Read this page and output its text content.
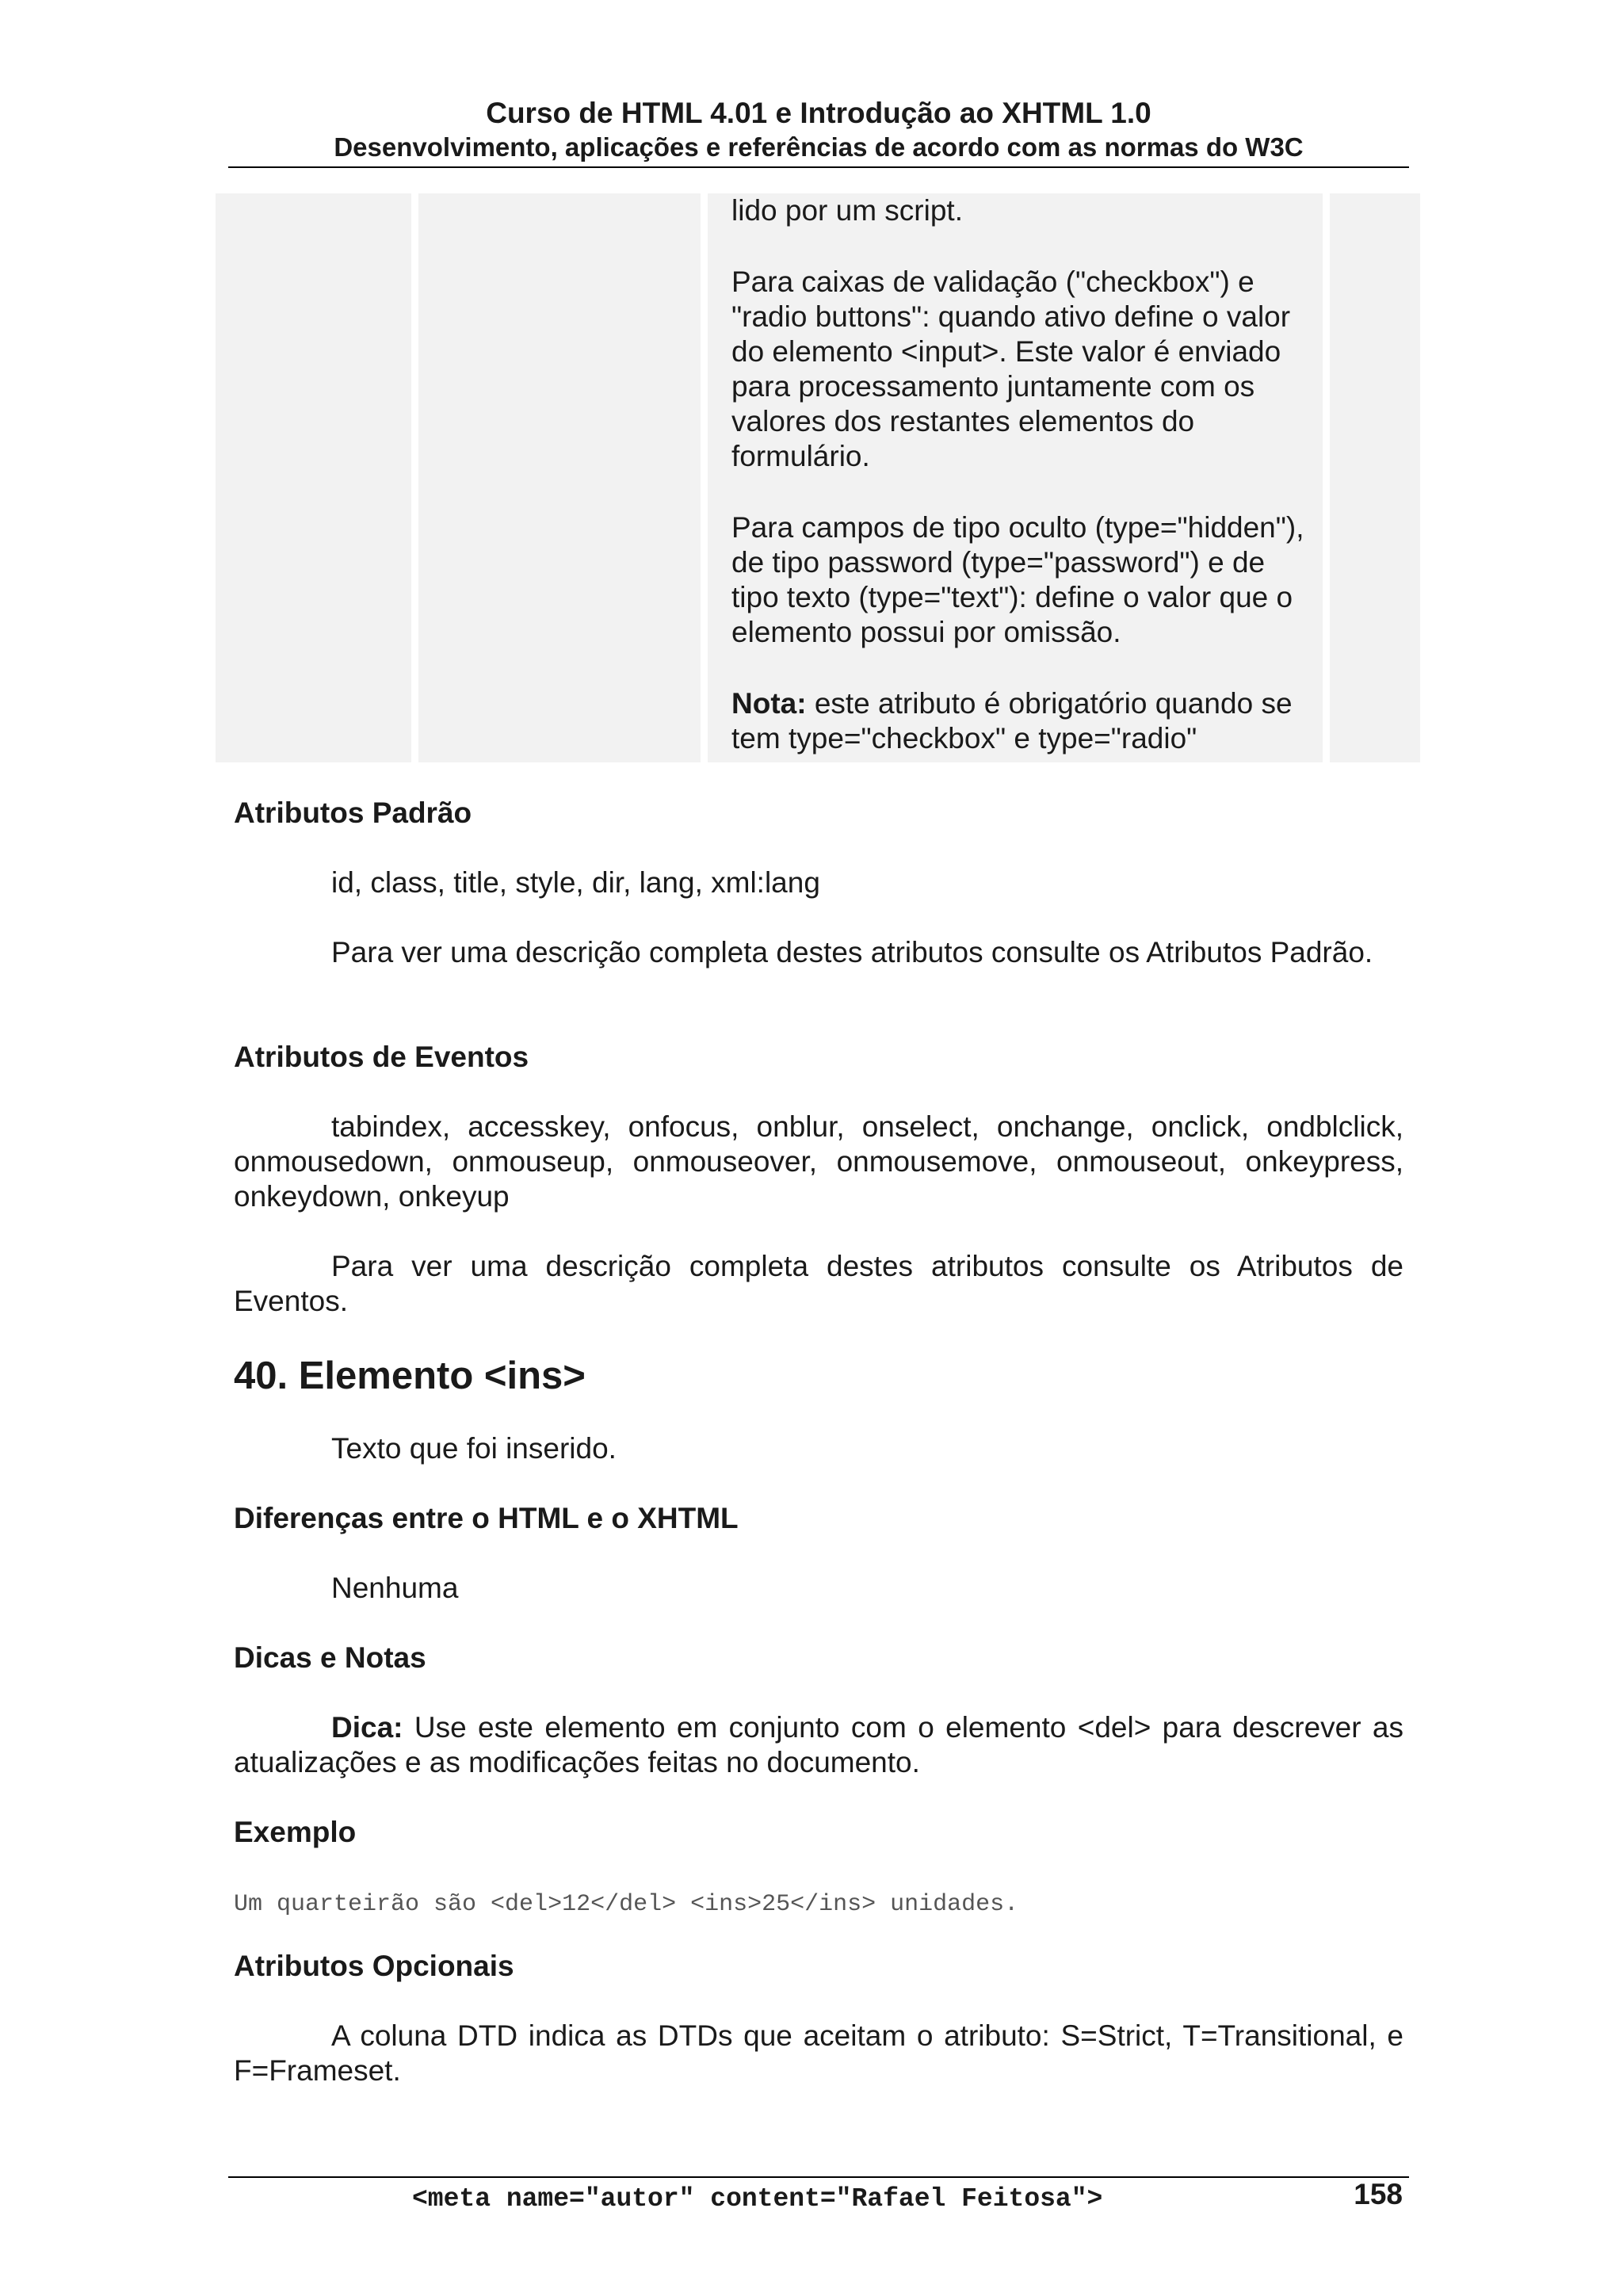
Curso de HTML 4.01 e Introdução ao XHTML 1.0
Desenvolvimento, aplicações e referências de acordo com as normas do W3C

lido por um script.

Para caixas de validação ("checkbox") e "radio buttons": quando ativo define o valor do elemento <input>. Este valor é enviado para processamento juntamente com os valores dos restantes elementos do formulário.

Para campos de tipo oculto (type="hidden"), de tipo password (type="password") e de tipo texto (type="text"): define o valor que o elemento possui por omissão.

Nota: este atributo é obrigatório quando se tem type="checkbox" e type="radio"

Atributos Padrão
id, class, title, style, dir, lang, xml:lang
Para ver uma descrição completa destes atributos consulte os Atributos Padrão.
Atributos de Eventos
tabindex, accesskey, onfocus, onblur, onselect, onchange, onclick, ondblclick, onmousedown, onmouseup, onmouseover, onmousemove, onmouseout, onkeypress, onkeydown, onkeyup
Para ver uma descrição completa destes atributos consulte os Atributos de Eventos.
40. Elemento <ins>
Texto que foi inserido.
Diferenças entre o HTML e o XHTML
Nenhuma
Dicas e Notas
Dica: Use este elemento em conjunto com o elemento <del> para descrever as atualizações e as modificações feitas no documento.
Exemplo
Um quarteirão são <del>12</del> <ins>25</ins> unidades.
Atributos Opcionais
A coluna DTD indica as DTDs que aceitam o atributo: S=Strict, T=Transitional, e F=Frameset.
<meta name="autor" content="Rafael Feitosa">	158
